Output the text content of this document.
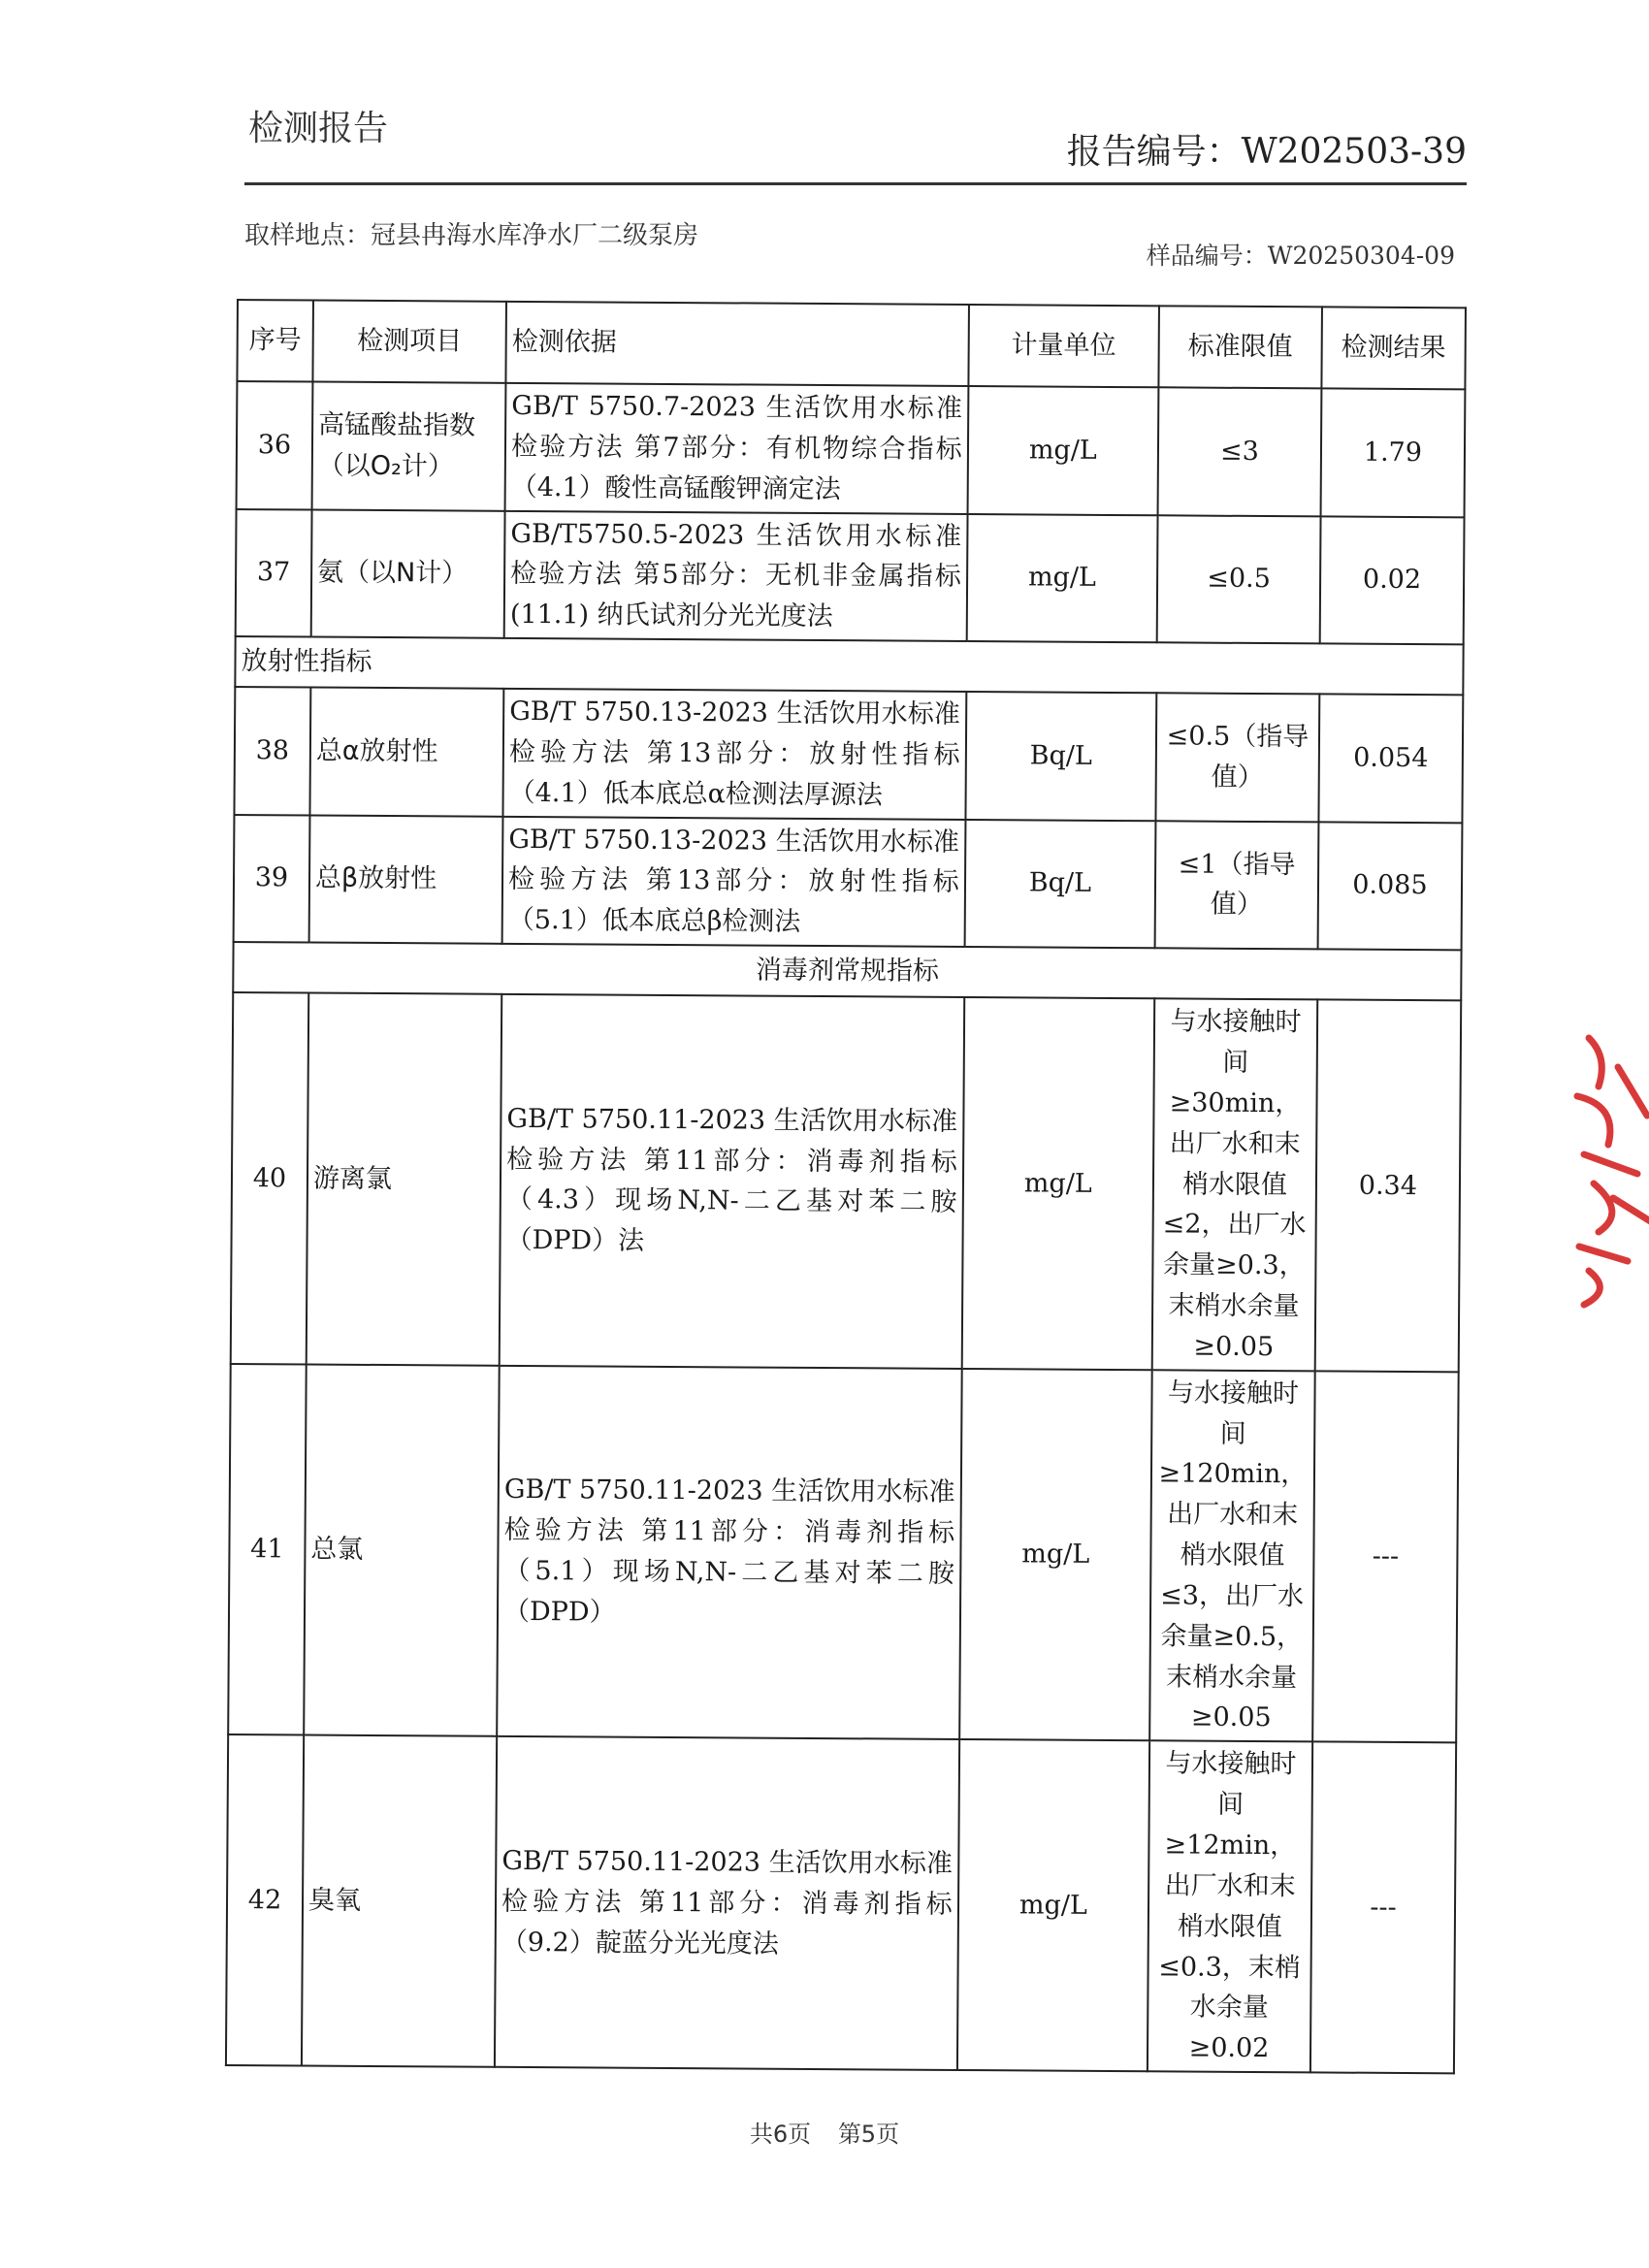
检测报告
报告编号：W202503-39
取样地点：冠县冉海水库净水厂二级泵房
样品编号：W20250304-09
序号	检测项目	检测依据	计量单位	标准限值	检测结果
36	高锰酸盐指数（以O₂计）	GB/T 5750.7-2023 生活饮用水标准检验方法 第7部分：有机物综合指标（4.1）酸性高锰酸钾滴定法	mg/L	≤3	1.79
37	氨（以N计）	GB/T5750.5-2023 生活饮用水标准检验方法 第5部分：无机非金属指标(11.1) 纳氏试剂分光光度法	mg/L	≤0.5	0.02
放射性指标					
38	总α放射性	GB/T 5750.13-2023 生活饮用水标准检验方法 第13部分：放射性指标（4.1）低本底总α检测法厚源法	Bq/L	≤0.5（指导值）	0.054
39	总β放射性	GB/T 5750.13-2023 生活饮用水标准检验方法 第13部分：放射性指标（5.1）低本底总β检测法	Bq/L	≤1（指导值）	0.085
消毒剂常规指标					
40	游离氯	GB/T 5750.11-2023 生活饮用水标准检验方法 第11部分：消毒剂指标（4.3）现场N,N-二乙基对苯二胺（DPD）法	mg/L	与水接触时间≥30min，出厂水和末梢水限值≤2，出厂水余量≥0.3，末梢水余量≥0.05	0.34
41	总氯	GB/T 5750.11-2023 生活饮用水标准检验方法 第11部分：消毒剂指标（5.1）现场N,N-二乙基对苯二胺（DPD）	mg/L	与水接触时间≥120min，出厂水和末梢水限值≤3，出厂水余量≥0.5，末梢水余量≥0.05	---
42	臭氧	GB/T 5750.11-2023 生活饮用水标准检验方法 第11部分：消毒剂指标（9.2）靛蓝分光光度法	mg/L	与水接触时间≥12min，出厂水和末梢水限值≤0.3，末梢水余量≥0.02	---
共6页 第5页
